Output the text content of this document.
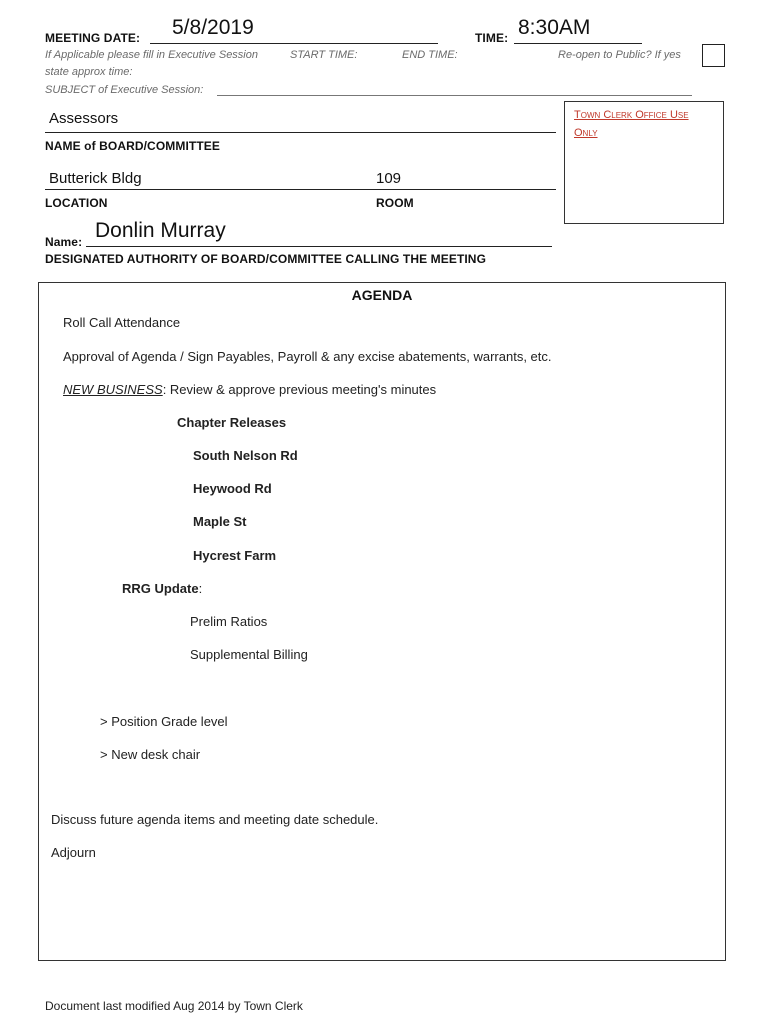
MEETING DATE: 5/8/2019	TIME: 8:30AM
If Applicable please fill in Executive Session	START TIME:	END TIME:	Re-open to Public? If yes
state approx time:
SUBJECT of Executive Session:
Assessors
NAME of BOARD/COMMITTEE
Butterick Bldg	109
LOCATION	ROOM
Name: Donlin Murray
DESIGNATED AUTHORITY OF BOARD/COMMITTEE CALLING THE MEETING
Town Clerk Office Use
Only
AGENDA
Roll Call Attendance
Approval of Agenda / Sign Payables, Payroll & any excise abatements, warrants, etc.
NEW BUSINESS: Review & approve previous meeting's minutes
Chapter Releases
South Nelson Rd
Heywood Rd
Maple St
Hycrest Farm
RRG Update:
Prelim Ratios
Supplemental Billing
> Position Grade level
> New desk chair
Discuss future agenda items and meeting date schedule.
Adjourn
Document last modified Aug 2014 by Town Clerk
